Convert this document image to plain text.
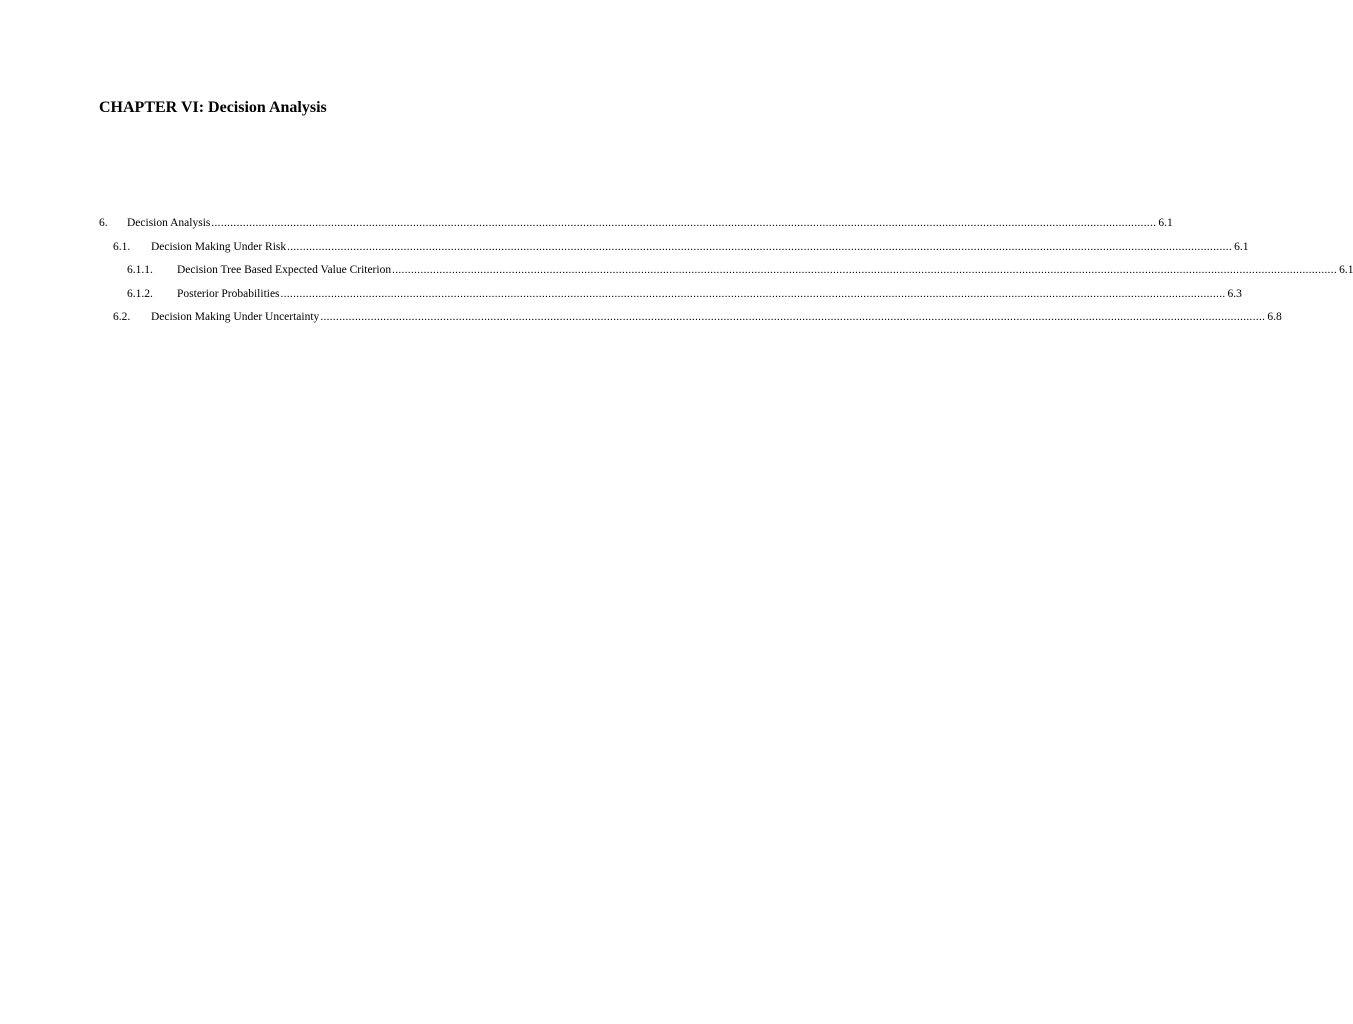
CHAPTER VI: Decision Analysis
6. Decision Analysis ............................................................................................................................................................................................................................................................................................................ 6.1
6.1. Decision Making Under Risk ............................................................................................................................................................................................................................................................................................................ 6.1
6.1.1. Decision Tree Based Expected Value Criterion ............................................................................................................................................................................................................................................................................................................ 6.1
6.1.2. Posterior Probabilities ............................................................................................................................................................................................................................................................................................................ 6.3
6.2. Decision Making Under Uncertainty ............................................................................................................................................................................................................................................................................................................ 6.8
